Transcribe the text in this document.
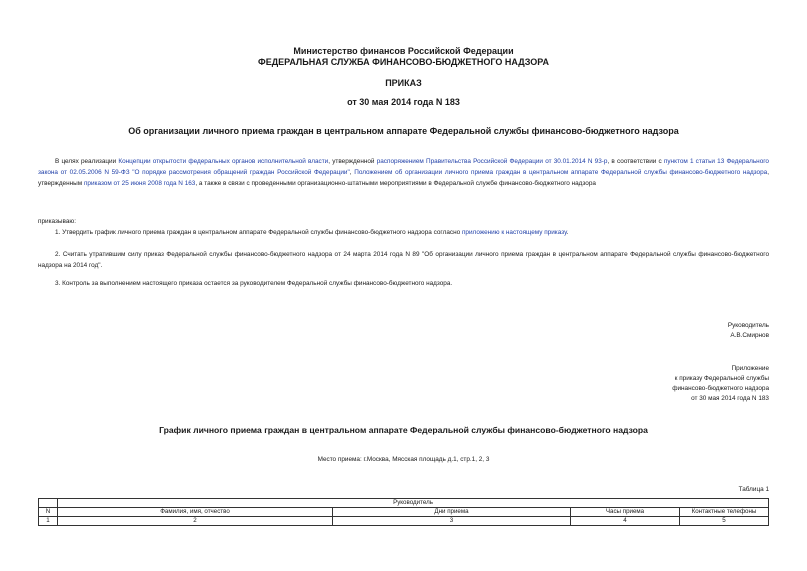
Министерство финансов Российской Федерации
ФЕДЕРАЛЬНАЯ СЛУЖБА ФИНАНСОВО-БЮДЖЕТНОГО НАДЗОРА
ПРИКАЗ
от 30 мая 2014 года N 183
Об организации личного приема граждан в центральном аппарате Федеральной службы финансово-бюджетного надзора
В целях реализации Концепции открытости федеральных органов исполнительной власти, утвержденной распоряжением Правительства Российской Федерации от 30.01.2014 N 93-р, в соответствии с пунктом 1 статьи 13 Федерального закона от 02.05.2006 N 59-ФЗ "О порядке рассмотрения обращений граждан Российской Федерации", Положением об организации личного приема граждан в центральном аппарате Федеральной службы финансово-бюджетного надзора, утвержденным приказом от 25 июня 2008 года N 163, а также в связи с проведенными организационно-штатными мероприятиями в Федеральной службе финансово-бюджетного надзора
приказываю:
1. Утвердить график личного приема граждан в центральном аппарате Федеральной службы финансово-бюджетного надзора согласно приложению к настоящему приказу.
2. Считать утратившим силу приказ Федеральной службы финансово-бюджетного надзора от 24 марта 2014 года N 89 "Об организации личного приема граждан в центральном аппарате Федеральной службы финансово-бюджетного надзора на 2014 год".
3. Контроль за выполнением настоящего приказа остается за руководителем Федеральной службы финансово-бюджетного надзора.
Руководитель
А.В.Смирнов
Приложение
к приказу Федеральной службы
финансово-бюджетного надзора
от 30 мая 2014 года N 183
График личного приема граждан в центральном аппарате Федеральной службы финансово-бюджетного надзора
Место приема: г.Москва, Мясская площадь д.1, стр.1, 2, 3
Таблица 1
	Руководитель			
N	Фамилия, имя, отчество	Дни приема	Часы приема	Контактные телефоны
1	2	3	4	5
